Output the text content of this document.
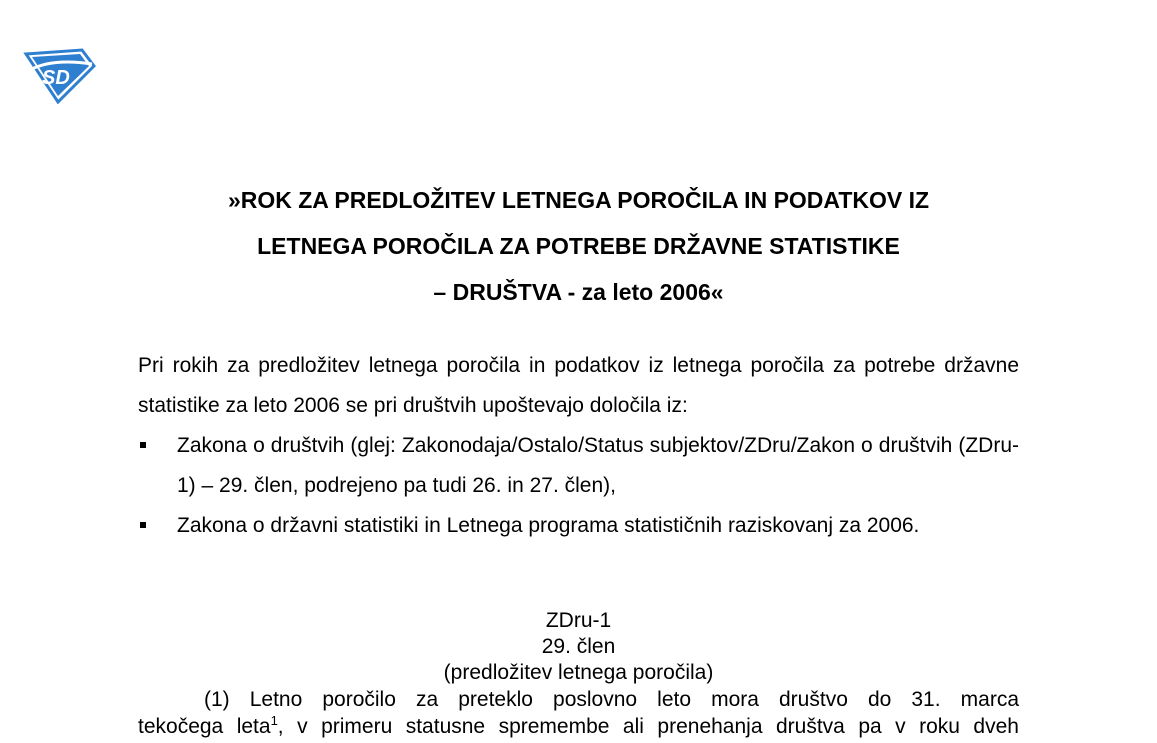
SD
»ROK ZA PREDLOŽITEV LETNEGA POROČILA IN PODATKOV IZ
LETNEGA POROČILA ZA POTREBE DRŽAVNE STATISTIKE
– DRUŠTVA - za leto 2006«
Pri rokih za predložitev letnega poročila in podatkov iz letnega poročila za potrebe državne statistike za leto 2006 se pri društvih upoštevajo določila iz:
Zakona o društvih (glej: Zakonodaja/Ostalo/Status subjektov/ZDru/Zakon o društvih (ZDru-1) – 29. člen, podrejeno pa tudi 26. in 27. člen),
Zakona o državni statistiki in Letnega programa statističnih raziskovanj za 2006.
ZDru-1
29. člen
(predložitev letnega poročila)
(1) Letno poročilo za preteklo poslovno leto mora društvo do 31. marca
tekočega leta$^1$, v primeru statusne spremembe ali prenehanja društva pa v roku dveh
